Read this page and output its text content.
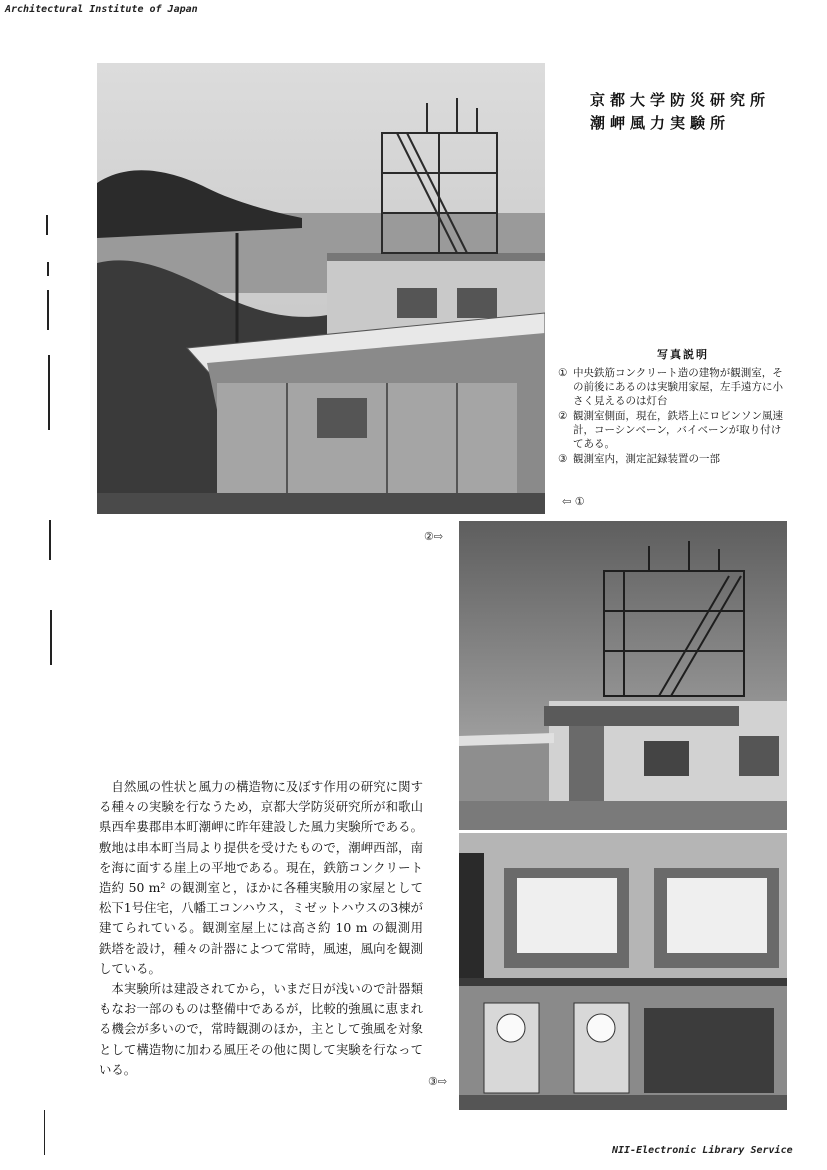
Architectural Institute of Japan
NII-Electronic Library Service
京都大学防災研究所
潮岬風力実験所
写真説明
① 中央鉄筋コンクリート造の建物が観測室，その前後にあるのは実験用家屋，左手遠方に小さく見えるのは灯台
② 観測室側面，現在，鉄塔上にロビンソン風速計，コーシンベーン，バイベーンが取り付けてある。
③ 観測室内，測定記録装置の一部
⇦ ①
②⇨
③⇨

自然風の性状と風力の構造物に及ぼす作用の研究に関する種々の実験を行なうため，京都大学防災研究所が和歌山県西牟婁郡串本町潮岬に昨年建設した風力実験所である。敷地は串本町当局より提供を受けたもので，潮岬西部，南を海に面する崖上の平地である。現在，鉄筋コンクリート造約 50 m² の観測室と，ほかに各種実験用の家屋として松下1号住宅，八幡工コンハウス，ミゼットハウスの3棟が建てられている。観測室屋上には高さ約 10 m の観測用鉄塔を設け，種々の計器によつて常時，風速，風向を観測している。

本実験所は建設されてから，いまだ日が浅いので計器類もなお一部のものは整備中であるが，比較的強風に恵まれる機会が多いので，常時観測のほか，主として強風を対象として構造物に加わる風圧その他に関して実験を行なっている。
